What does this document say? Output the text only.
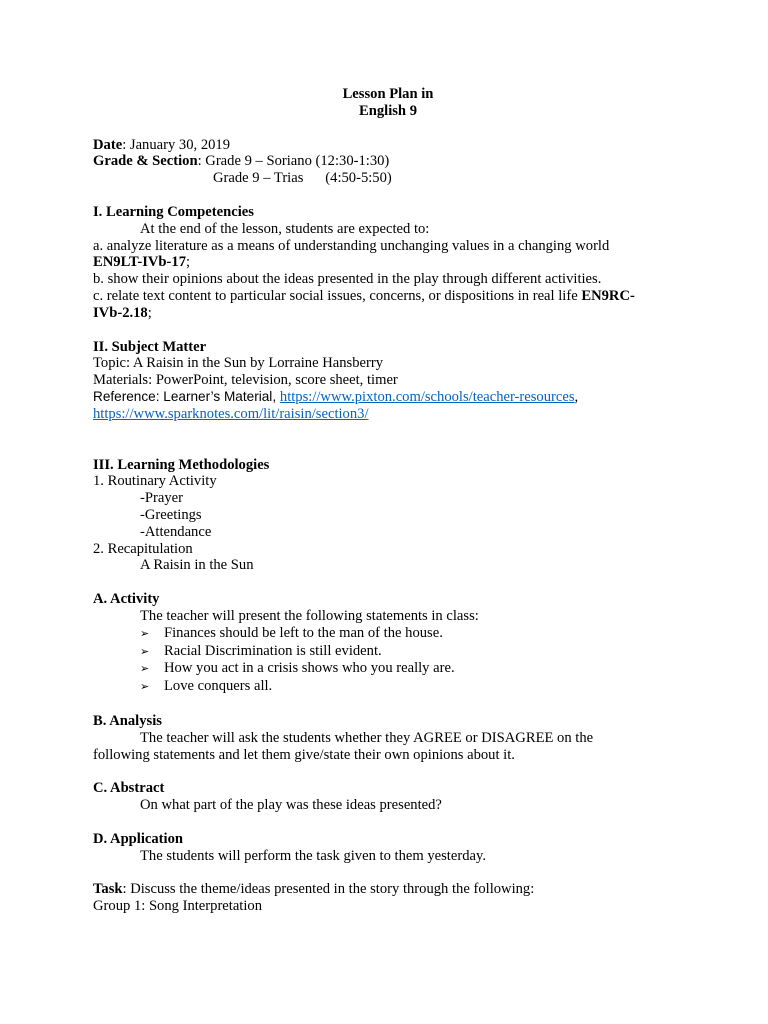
Lesson Plan in
English 9
Date: January 30, 2019
Grade & Section: Grade 9 – Soriano (12:30-1:30)
Grade 9 – Trias      (4:50-5:50)
I. Learning Competencies
At the end of the lesson, students are expected to:
a. analyze literature as a means of understanding unchanging values in a changing world
EN9LT-IVb-17;
b. show their opinions about the ideas presented in the play through different activities.
c. relate text content to particular social issues, concerns, or dispositions in real life EN9RC-
IVb-2.18;
II. Subject Matter
Topic: A Raisin in the Sun by Lorraine Hansberry
Materials: PowerPoint, television, score sheet, timer
Reference: Learner’s Material, https://www.pixton.com/schools/teacher-resources,
https://www.sparknotes.com/lit/raisin/section3/
III. Learning Methodologies
1. Routinary Activity
-Prayer
-Greetings
-Attendance
2. Recapitulation
A Raisin in the Sun
A. Activity
The teacher will present the following statements in class:
➢ Finances should be left to the man of the house.
➢ Racial Discrimination is still evident.
➢ How you act in a crisis shows who you really are.
➢ Love conquers all.
B. Analysis
The teacher will ask the students whether they AGREE or DISAGREE on the
following statements and let them give/state their own opinions about it.
C. Abstract
On what part of the play was these ideas presented?
D. Application
The students will perform the task given to them yesterday.
Task: Discuss the theme/ideas presented in the story through the following:
Group 1: Song Interpretation
